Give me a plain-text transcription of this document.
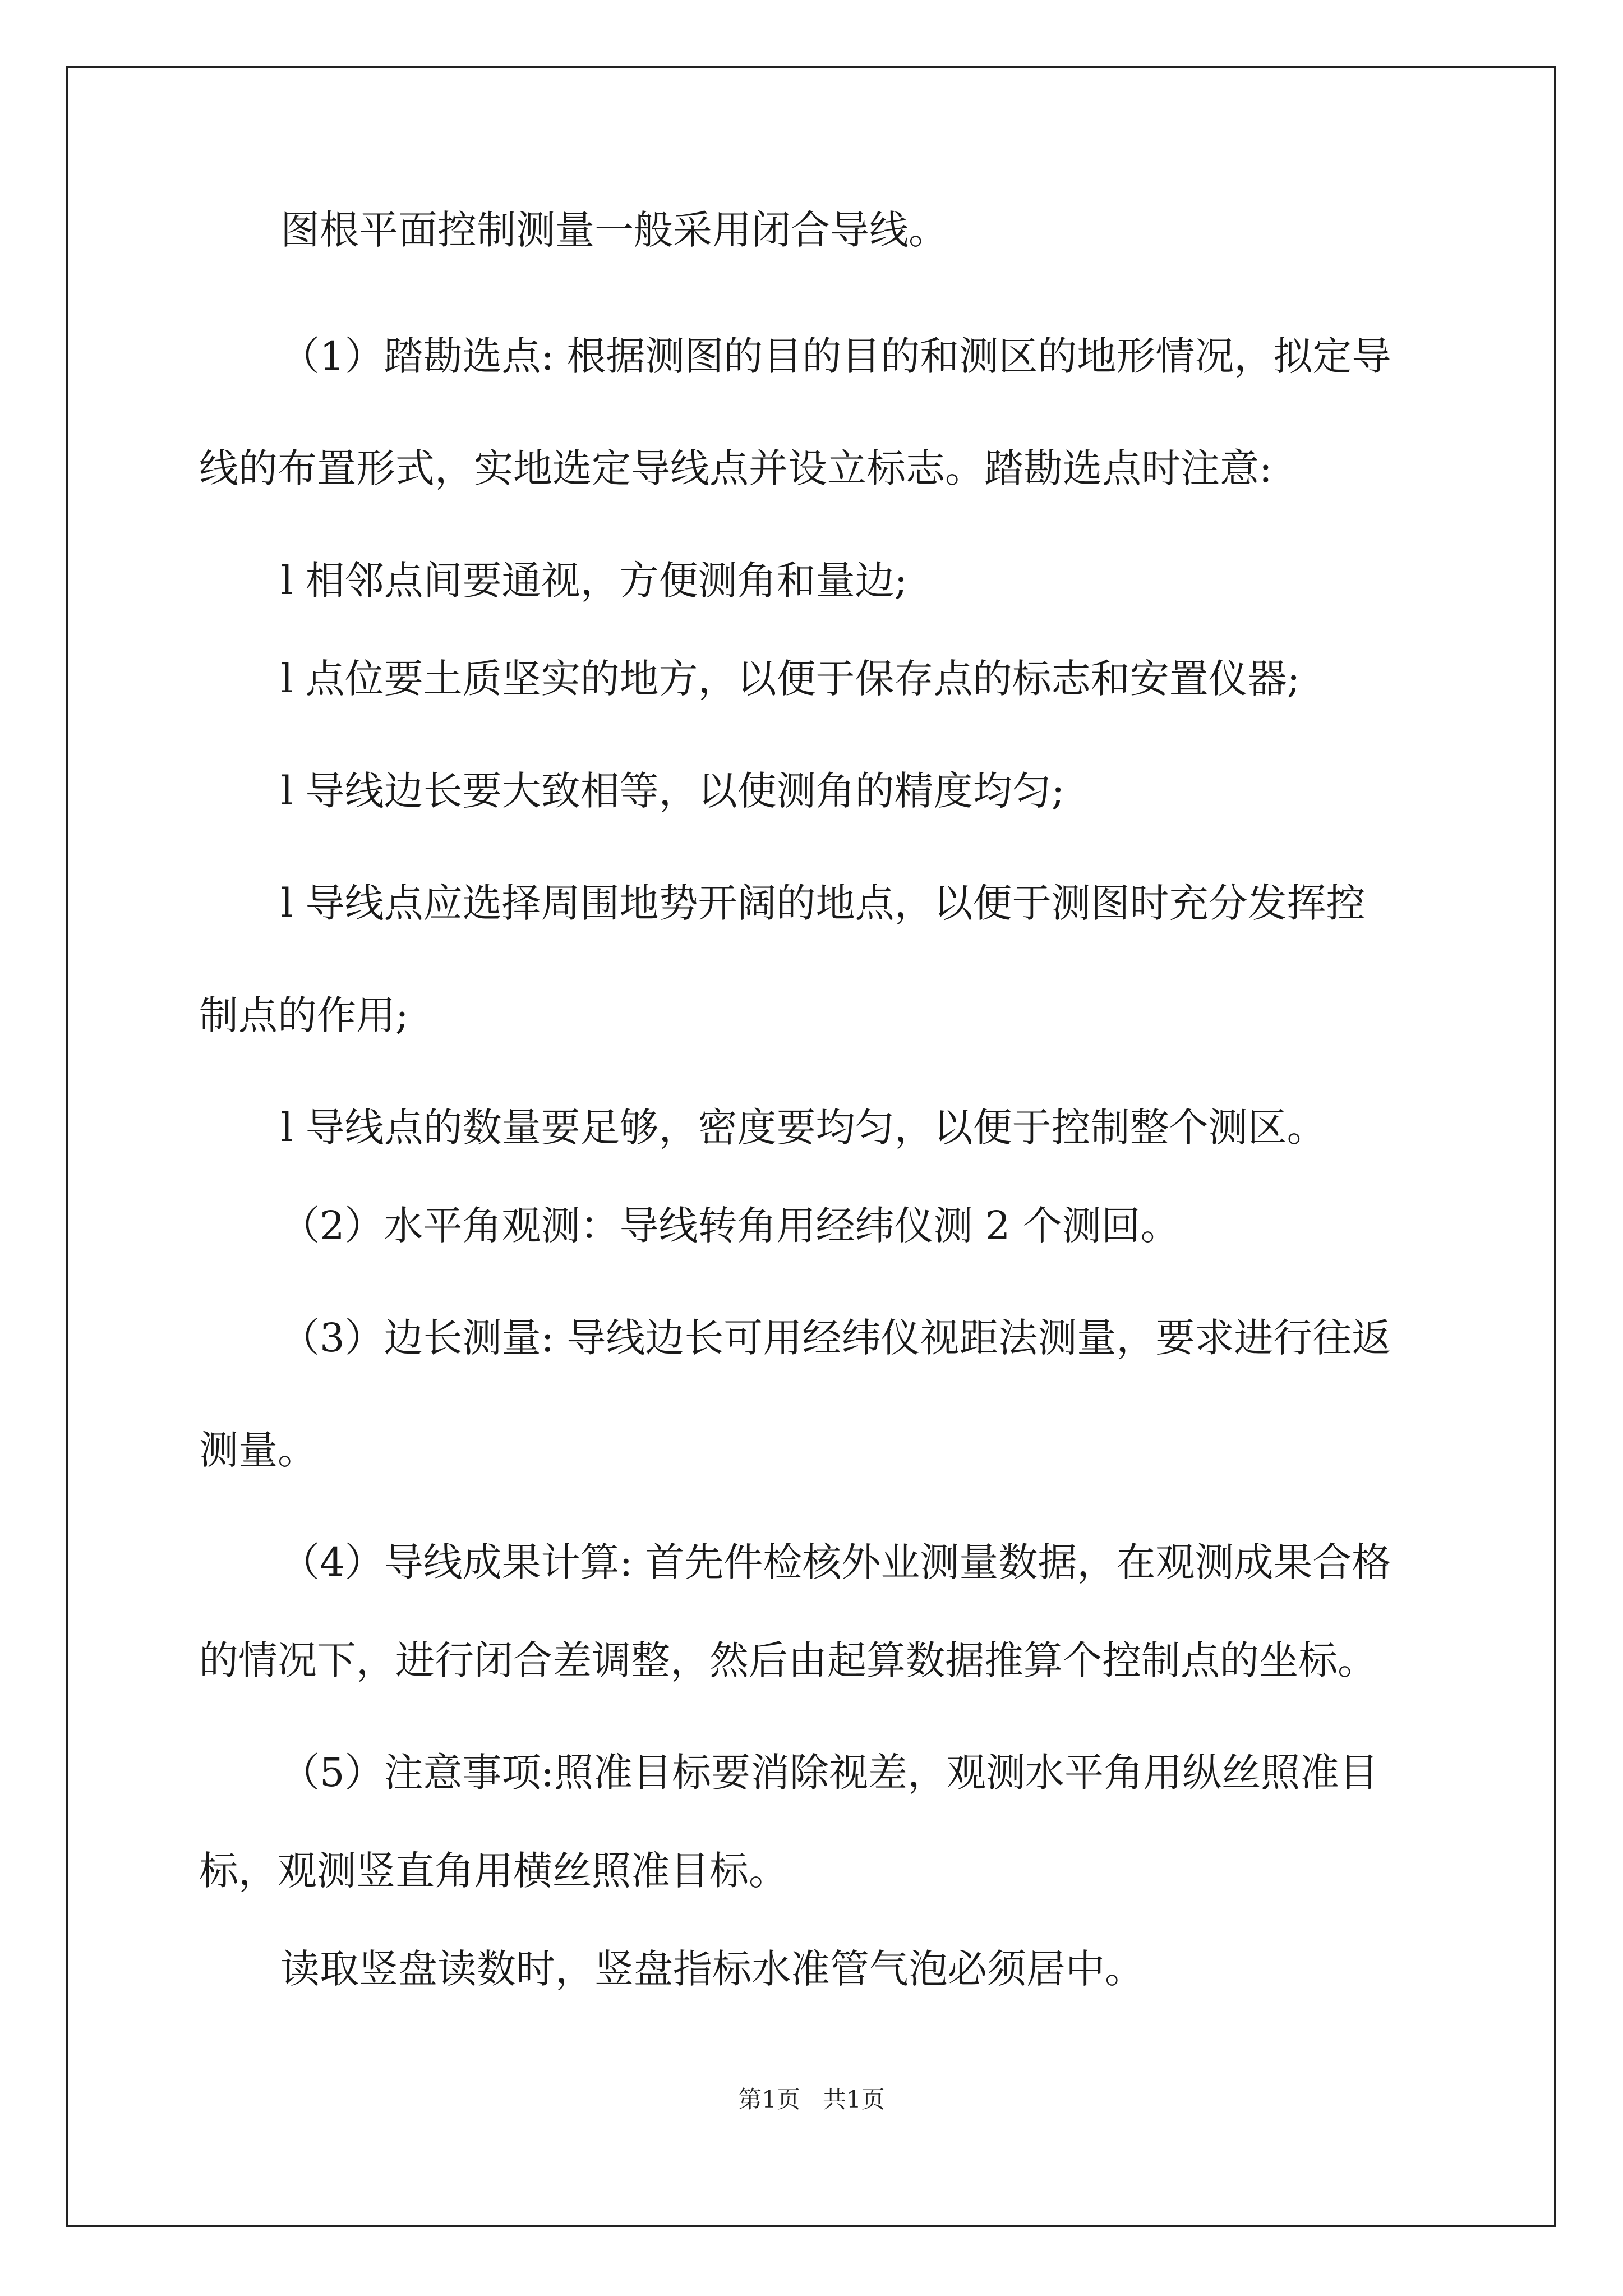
图根平面控制测量一般采用闭合导线。
（1）踏勘选点: 根据测图的目的目的和测区的地形情况，拟定导
线的布置形式，实地选定导线点并设立标志。踏勘选点时注意:
l 相邻点间要通视，方便测角和量边;
l 点位要土质坚实的地方，以便于保存点的标志和安置仪器;
l 导线边长要大致相等，以使测角的精度均匀;
l 导线点应选择周围地势开阔的地点，以便于测图时充分发挥控
制点的作用;
l 导线点的数量要足够，密度要均匀，以便于控制整个测区。
（2）水平角观测：导线转角用经纬仪测 2 个测回。
（3）边长测量: 导线边长可用经纬仪视距法测量，要求进行往返
测量。
（4）导线成果计算: 首先件检核外业测量数据，在观测成果合格
的情况下，进行闭合差调整，然后由起算数据推算个控制点的坐标。
（5）注意事项:照准目标要消除视差，观测水平角用纵丝照准目
标，观测竖直角用横丝照准目标。
读取竖盘读数时，竖盘指标水准管气泡必须居中。
第1页   共1页
